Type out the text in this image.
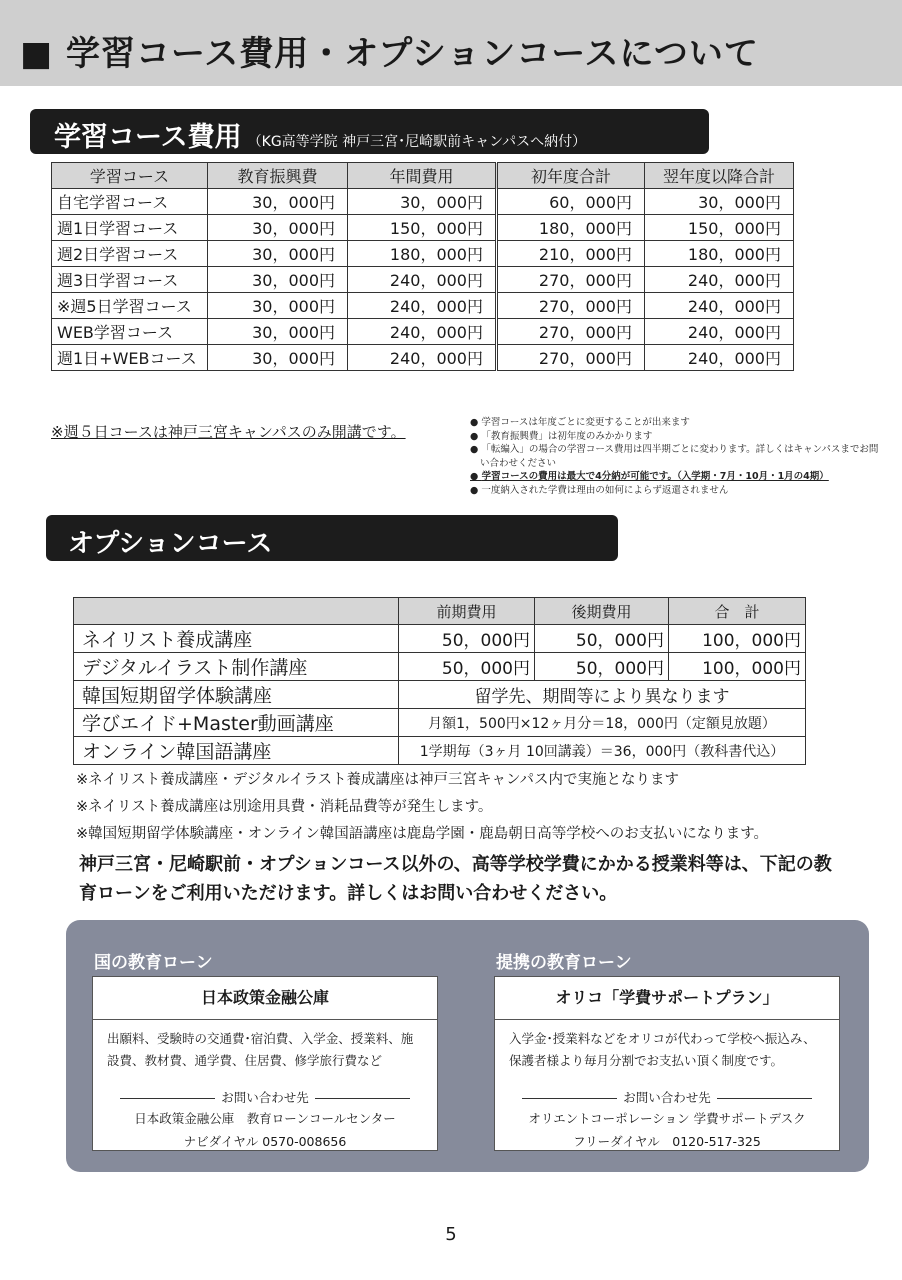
■ 学習コース費用・オプションコースについて
学習コース費用 （KG高等学院 神戸三宮･尼崎駅前キャンパスへ納付）
学習コース	教育振興費	年間費用	初年度合計	翌年度以降合計
自宅学習コース	30，000円	30，000円	60，000円	30，000円
週1日学習コース	30，000円	150，000円	180，000円	150，000円
週2日学習コース	30，000円	180，000円	210，000円	180，000円
週3日学習コース	30，000円	240，000円	270，000円	240，000円
※週5日学習コース	30，000円	240，000円	270，000円	240，000円
WEB学習コース	30，000円	240，000円	270，000円	240，000円
週1日+WEBコース	30，000円	240，000円	270，000円	240，000円
※週５日コースは神戸三宮キャンパスのみ開講です。
● 学習コースは年度ごとに変更することが出来ます
● 「教育振興費」は初年度のみかかります
● 「転編入」の場合の学習コース費用は四半期ごとに変わります。詳しくはキャンパスまでお問い合わせください
● 学習コースの費用は最大で4分納が可能です。（入学期・7月・10月・1月の4期）
● 一度納入された学費は理由の如何によらず返還されません
オプションコース
	前期費用	後期費用	合　計
ネイリスト養成講座	50，000円	50，000円	100，000円
デジタルイラスト制作講座	50，000円	50，000円	100，000円
韓国短期留学体験講座	留学先、期間等により異なります		
学びエイド+Master動画講座	月額1，500円×12ヶ月分＝18，000円（定額見放題）		
オンライン韓国語講座	1学期毎（3ヶ月 10回講義）＝36，000円（教科書代込）		
※ネイリスト養成講座・デジタルイラスト養成講座は神戸三宮キャンパス内で実施となります
※ネイリスト養成講座は別途用具費・消耗品費等が発生します。
※韓国短期留学体験講座・オンライン韓国語講座は鹿島学園・鹿島朝日高等学校へのお支払いになります。

神戸三宮・尼崎駅前・オプションコース以外の、高等学校学費にかかる授業料等は、下記の教育ローンをご利用いただけます。詳しくはお問い合わせください。

国の教育ローン
日本政策金融公庫
出願料、受験時の交通費･宿泊費、入学金、授業料、施設費、教材費、通学費、住居費、修学旅行費など
お問い合わせ先
日本政策金融公庫　教育ローンコールセンター
ナビダイヤル 0570-008656
提携の教育ローン
オリコ「学費サポートプラン」
入学金･授業料などをオリコが代わって学校へ振込み、保護者様より毎月分割でお支払い頂く制度です。
お問い合わせ先
オリエントコーポレーション 学費サポートデスク
フリーダイヤル　0120-517-325
5
